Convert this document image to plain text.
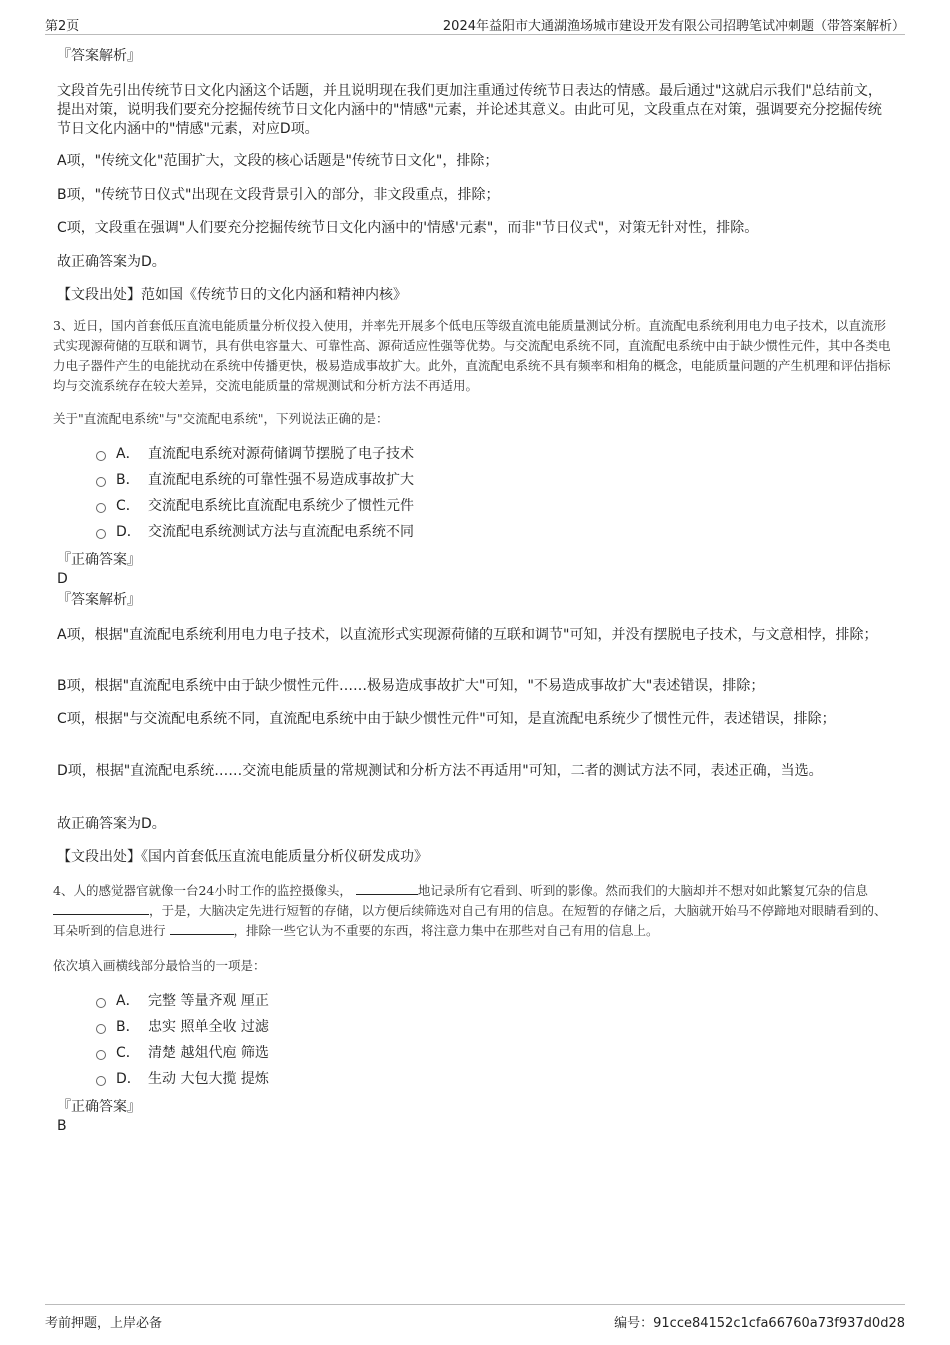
第2页	2024年益阳市大通湖渔场城市建设开发有限公司招聘笔试冲刺题（带答案解析）
『答案解析』
文段首先引出传统节日文化内涵这个话题，并且说明现在我们更加注重通过传统节日表达的情感。最后通过"这就启示我们"总结前文，提出对策，说明我们要充分挖掘传统节日文化内涵中的"情感"元素，并论述其意义。由此可见，文段重点在对策，强调要充分挖掘传统节日文化内涵中的"情感"元素，对应D项。
A项，"传统文化"范围扩大，文段的核心话题是"传统节日文化"，排除；
B项，"传统节日仪式"出现在文段背景引入的部分，非文段重点，排除；
C项，文段重在强调"人们要充分挖掘传统节日文化内涵中的'情感'元素"，而非"节日仪式"，对策无针对性，排除。
故正确答案为D。
【文段出处】范如国《传统节日的文化内涵和精神内核》
3、近日，国内首套低压直流电能质量分析仪投入使用，并率先开展多个低电压等级直流电能质量测试分析。直流配电系统利用电力电子技术，以直流形式实现源荷储的互联和调节，具有供电容量大、可靠性高、源荷适应性强等优势。与交流配电系统不同，直流配电系统中由于缺少惯性元件，其中各类电力电子器件产生的电能扰动在系统中传播更快，极易造成事故扩大。此外，直流配电系统不具有频率和相角的概念，电能质量问题的产生机理和评估指标均与交流系统存在较大差异，交流电能质量的常规测试和分析方法不再适用。
关于"直流配电系统"与"交流配电系统"，下列说法正确的是：
A． 直流配电系统对源荷储调节摆脱了电子技术
B． 直流配电系统的可靠性强不易造成事故扩大
C． 交流配电系统比直流配电系统少了惯性元件
D． 交流配电系统测试方法与直流配电系统不同
『正确答案』
D
『答案解析』
A项，根据"直流配电系统利用电力电子技术，以直流形式实现源荷储的互联和调节"可知，并没有摆脱电子技术，与文意相悖，排除；
B项，根据"直流配电系统中由于缺少惯性元件……极易造成事故扩大"可知，"不易造成事故扩大"表述错误，排除；
C项，根据"与交流配电系统不同，直流配电系统中由于缺少惯性元件"可知，是直流配电系统少了惯性元件，表述错误，排除；
D项，根据"直流配电系统……交流电能质量的常规测试和分析方法不再适用"可知，二者的测试方法不同，表述正确，当选。
故正确答案为D。
【文段出处】《国内首套低压直流电能质量分析仪研发成功》
4、人的感觉器官就像一台24小时工作的监控摄像头，	地记录所有它看到、听到的影像。然而我们的大脑却并不想对如此繁复冗杂的信息 ，于是，大脑决定先进行短暂的存储，以方便后续筛选对自己有用的信息。在短暂的存储之后，大脑就开始马不停蹄地对眼睛看到的、耳朵听到的信息进行	，排除一些它认为不重要的东西，将注意力集中在那些对自己有用的信息上。
依次填入画横线部分最恰当的一项是：
A． 完整 等量齐观 厘正
B． 忠实 照单全收 过滤
C． 清楚 越俎代庖 筛选
D． 生动 大包大揽 提炼
『正确答案』
B
考前押题，上岸必备	编号：91cce84152c1cfa66760a73f937d0d28
